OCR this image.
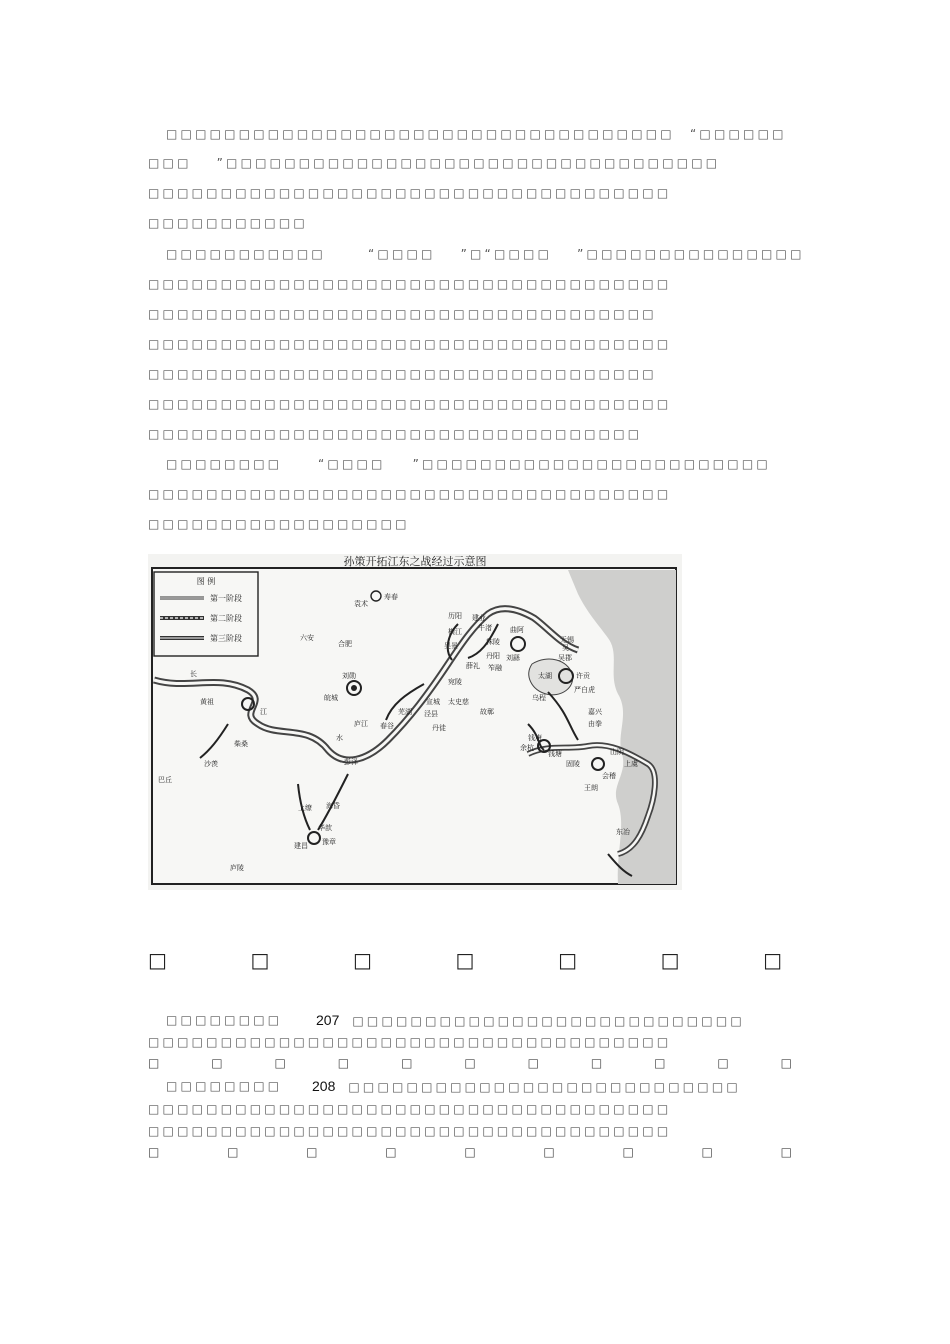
□□□□□□□□□□□□□□□□□□□□□□□□□□□□□□□□□□□ “□□□□□□
□□□ ”□□□□□□□□□□□□□□□□□□□□□□□□□□□□□□□□□□
□□□□□□□□□□□□□□□□□□□□□□□□□□□□□□□□□□□□
□□□□□□□□□□□
□□□□□□□□□□□	“□□□□ ”□“□□□□ ”□□□□□□□□□□□□□□□
□□□□□□□□□□□□□□□□□□□□□□□□□□□□□□□□□□□□
□□□□□□□□□□□□□□□□□□□□□□□□□□□□□□□□□□□
□□□□□□□□□□□□□□□□□□□□□□□□□□□□□□□□□□□□
□□□□□□□□□□□□□□□□□□□□□□□□□□□□□□□□□□□
□□□□□□□□□□□□□□□□□□□□□□□□□□□□□□□□□□□□
□□□□□□□□□□□□□□□□□□□□□□□□□□□□□□□□□□
□□□□□□□□	“□□□□ ”□□□□□□□□□□□□□□□□□□□□□□□□
□□□□□□□□□□□□□□□□□□□□□□□□□□□□□□□□□□□□
□□□□□□□□□□□□□□□□□□
孙策开拓江东之战经过示意图
图 例
第一阶段
第二阶段
第三阶段
寿春
袁术
六安
合肥
历阳
横江 牛渚
秣陵
丹阳
吴景
薛礼 笮融
曲阿
刘繇	吴郡
许贡
严白虎
乌程
钱唐
会稽
王朗
固陵
东冶
黄祖	皖城
刘勋
宛陵
宣城
泾县
太史慈
丹徒
庐江
沙羡
豫章
华歆
上缭 海昏
建昌
彭泽
柴桑
巴丘
庐陵
江
水
长
春谷
芜湖	故鄣
太湖
无锡
嘉兴
由拳
山阴
上虞
钱塘
余杭
吴
建业
□	□	□	□	□	□	□
□□□□□□□□ 207 □□□□□□□□□□□□□□□□□□□□□□□□□□□
□□□□□□□□□□□□□□□□□□□□□□□□□□□□□□□□□□□□
□	□	□	□	□	□	□	□	□	□	□
□□□□□□□□ 208 □□□□□□□□□□□□□□□□□□□□□□□□□□□
□□□□□□□□□□□□□□□□□□□□□□□□□□□□□□□□□□□□
□□□□□□□□□□□□□□□□□□□□□□□□□□□□□□□□□□□□
□	□	□	□	□	□	□	□	□
